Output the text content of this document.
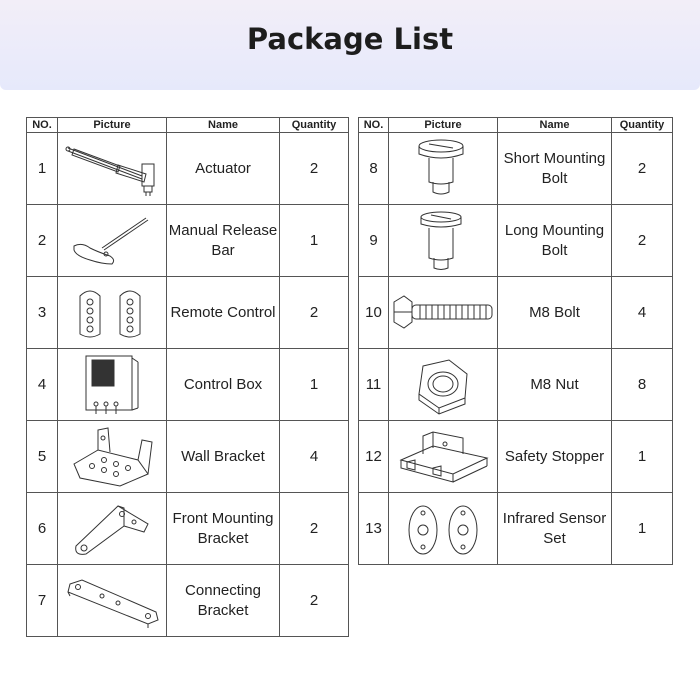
Package List
NO.	Picture	Name	Quantity
1		Actuator	2
2		Manual Release Bar	1
3		Remote Control	2
4		Control Box	1
5		Wall Bracket	4
6		Front Mounting Bracket	2
7		Connecting Bracket	2
NO.	Picture	Name	Quantity
8		Short Mounting Bolt	2
9		Long Mounting Bolt	2
10		M8 Bolt	4
11		M8 Nut	8
12		Safety Stopper	1
13		Infrared Sensor Set	1
